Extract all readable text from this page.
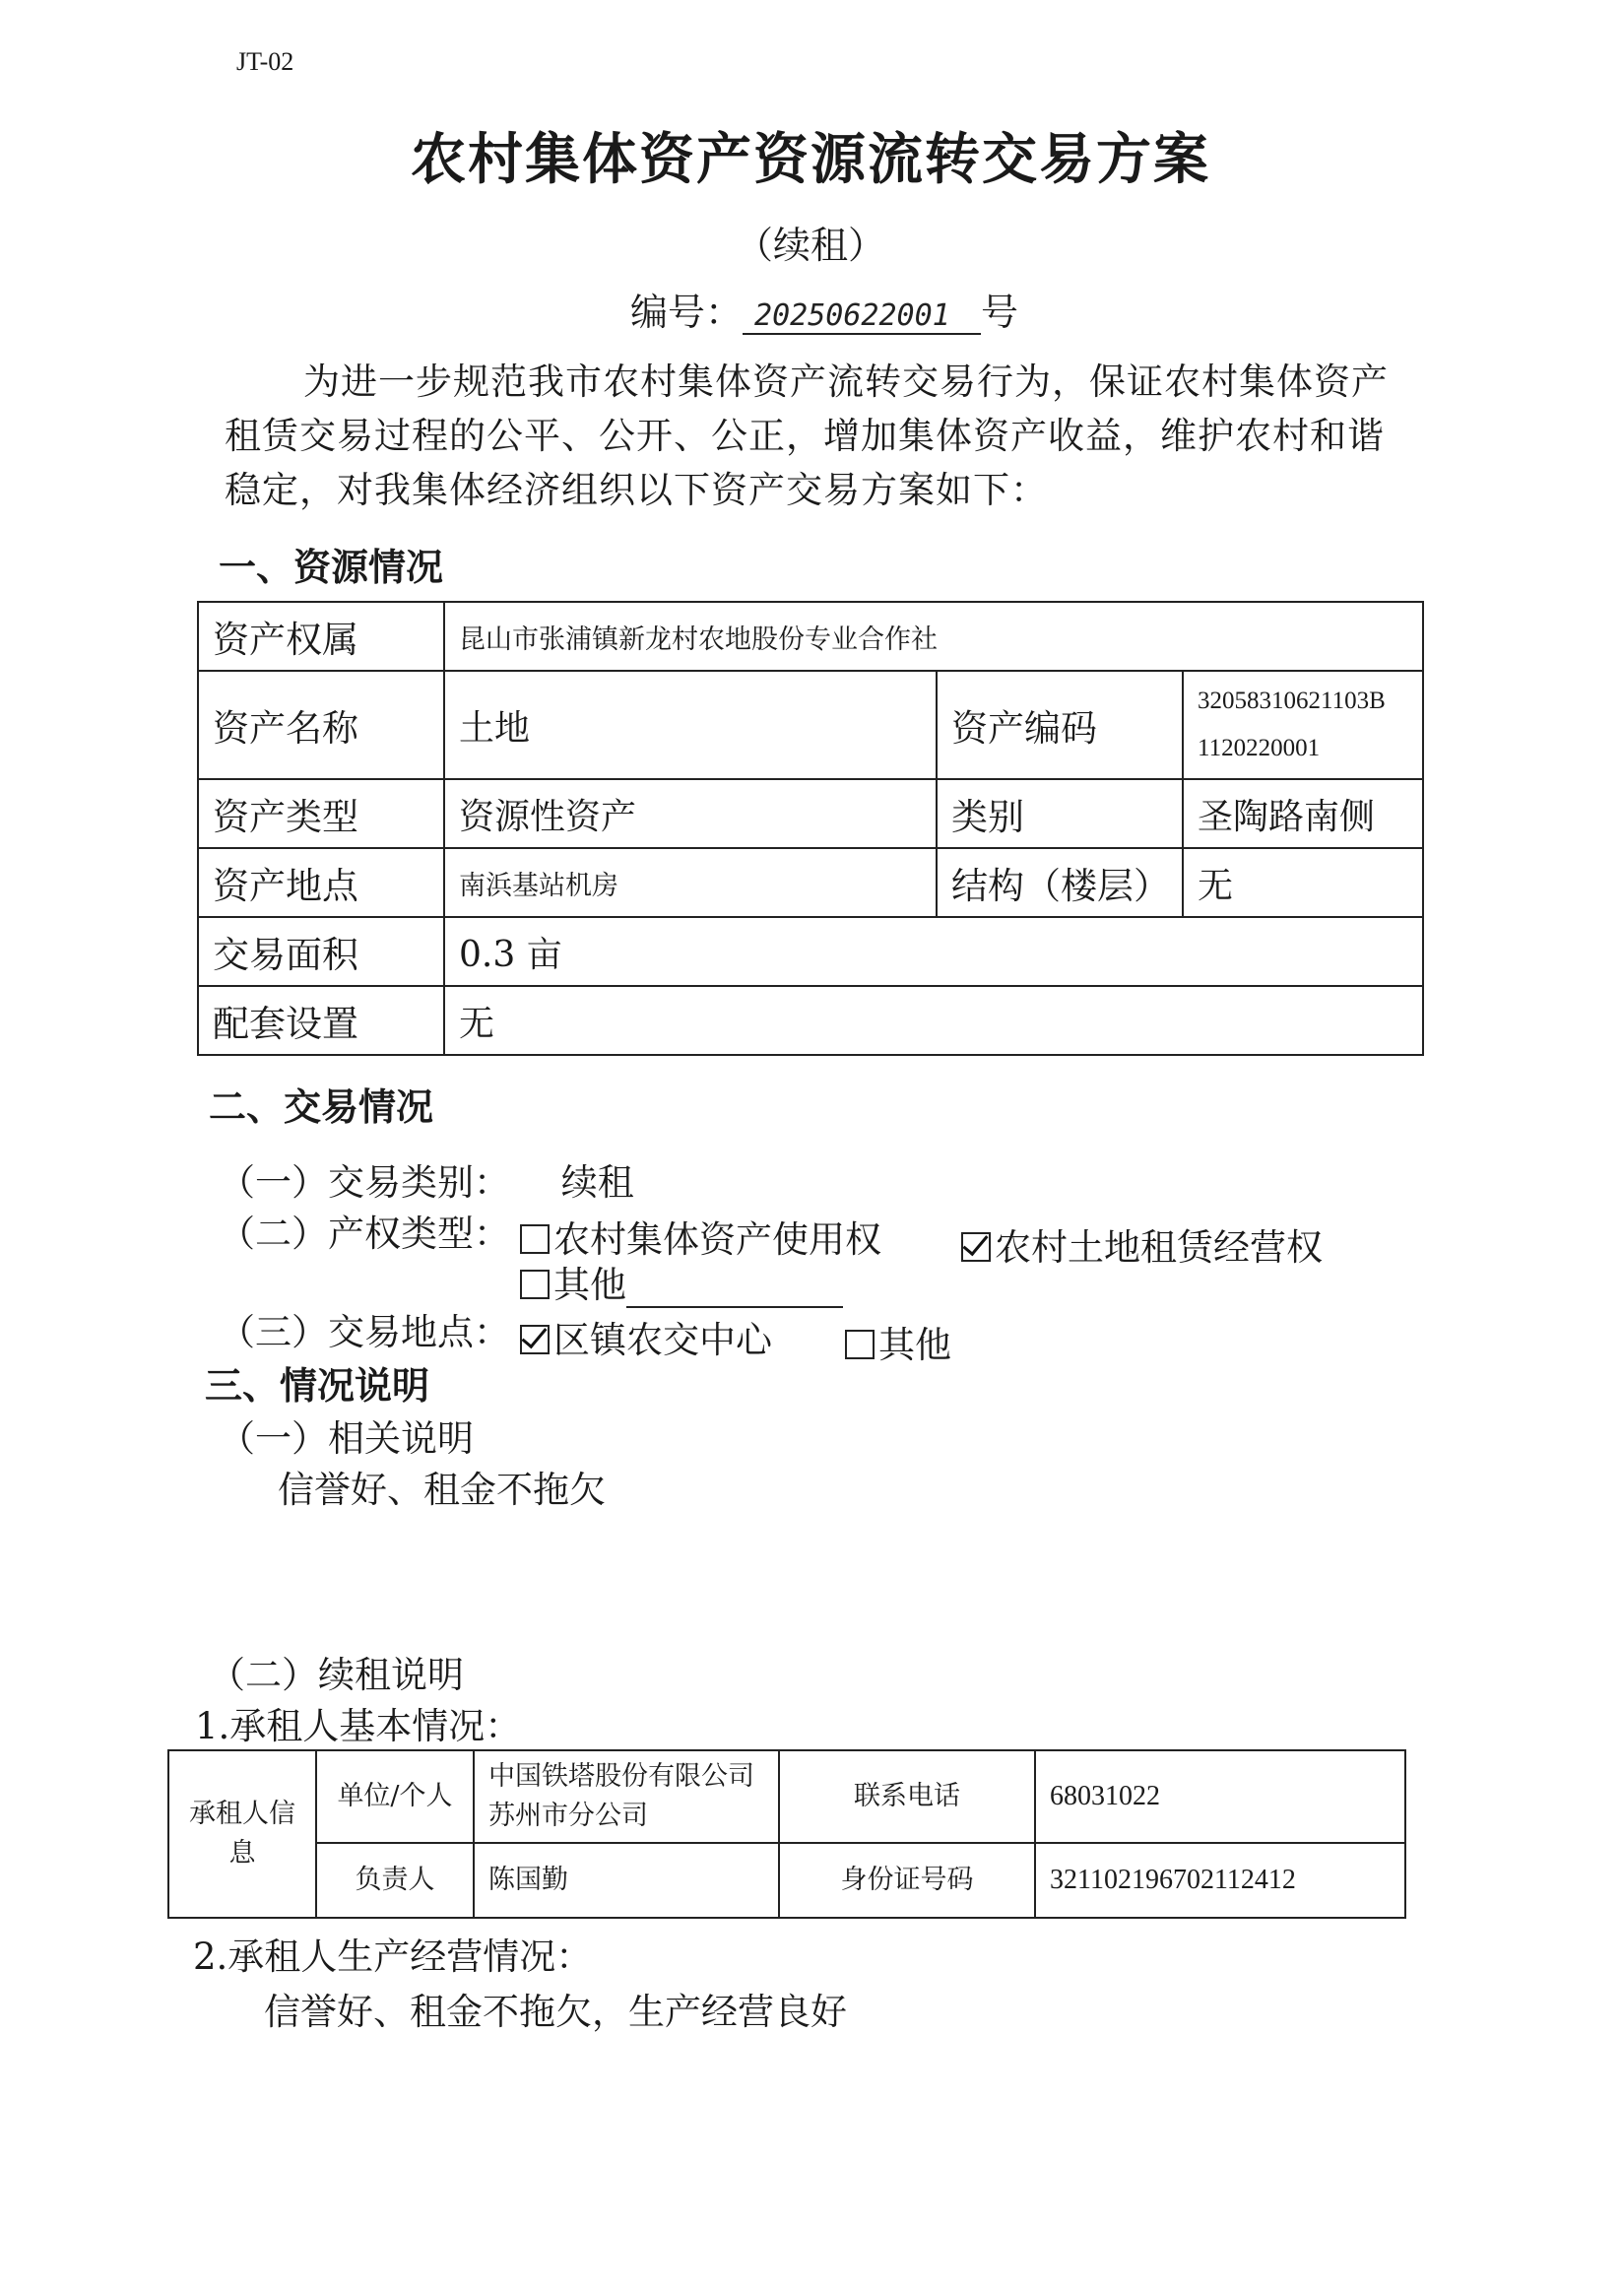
JT-02
农村集体资产资源流转交易方案
（续租）
编号： 20250622001 号
为进一步规范我市农村集体资产流转交易行为，保证农村集体资产租赁交易过程的公平、公开、公正，增加集体资产收益，维护农村和谐稳定，对我集体经济组织以下资产交易方案如下：
一、资源情况
资产权属	昆山市张浦镇新龙村农地股份专业合作社		
资产名称	土地	资产编码	32058310621103B
1120220001

资产类型	资源性资产	类别	圣陶路南侧
资产地点	南浜基站机房	结构（楼层）	无
交易面积	0.3 亩		
配套设置	无		
二、交易情况
（一）交易类别： 续租
（二）产权类型：	农村集体资产使用权	农村土地租赁经营权
其他
（三）交易地点：	区镇农交中心	其他
三、情况说明
（一）相关说明
信誉好、租金不拖欠
（二）续租说明
1.承租人基本情况：
承租人信息	单位/个人	中国铁塔股份有限公司苏州市分公司	联系电话	68031022
	负责人	陈国勤	身份证号码	321102196702112412
2.承租人生产经营情况：
信誉好、租金不拖欠，生产经营良好
